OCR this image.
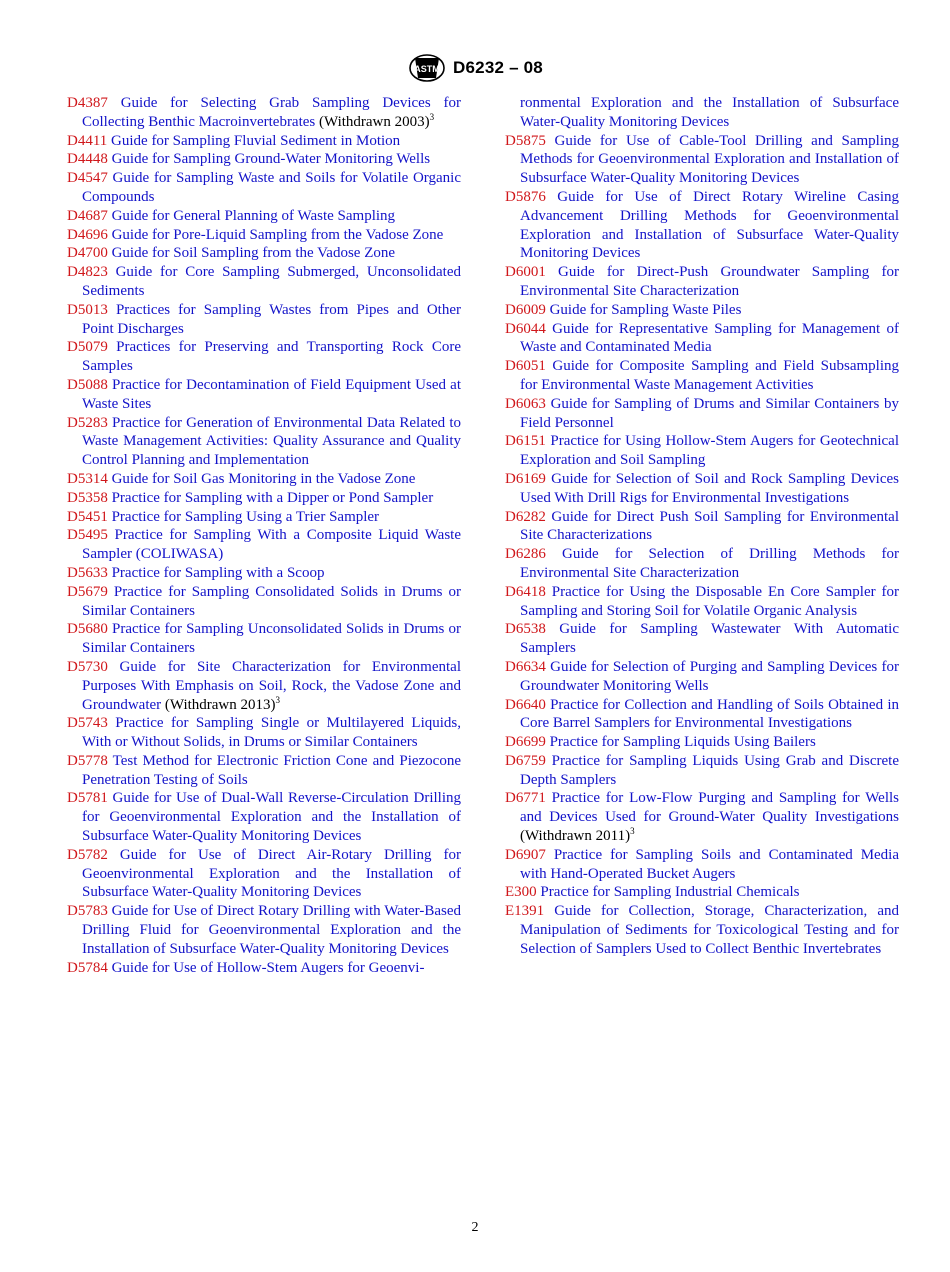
ASTM D6232 – 08
D4387 Guide for Selecting Grab Sampling Devices for Collecting Benthic Macroinvertebrates (Withdrawn 2003)$^3$
D4411 Guide for Sampling Fluvial Sediment in Motion
D4448 Guide for Sampling Ground-Water Monitoring Wells
D4547 Guide for Sampling Waste and Soils for Volatile Organic Compounds
D4687 Guide for General Planning of Waste Sampling
D4696 Guide for Pore-Liquid Sampling from the Vadose Zone
D4700 Guide for Soil Sampling from the Vadose Zone
D4823 Guide for Core Sampling Submerged, Unconsolidated Sediments
D5013 Practices for Sampling Wastes from Pipes and Other Point Discharges
D5079 Practices for Preserving and Transporting Rock Core Samples
D5088 Practice for Decontamination of Field Equipment Used at Waste Sites
D5283 Practice for Generation of Environmental Data Related to Waste Management Activities: Quality Assurance and Quality Control Planning and Implementation
D5314 Guide for Soil Gas Monitoring in the Vadose Zone
D5358 Practice for Sampling with a Dipper or Pond Sampler
D5451 Practice for Sampling Using a Trier Sampler
D5495 Practice for Sampling With a Composite Liquid Waste Sampler (COLIWASA)
D5633 Practice for Sampling with a Scoop
D5679 Practice for Sampling Consolidated Solids in Drums or Similar Containers
D5680 Practice for Sampling Unconsolidated Solids in Drums or Similar Containers
D5730 Guide for Site Characterization for Environmental Purposes With Emphasis on Soil, Rock, the Vadose Zone and Groundwater (Withdrawn 2013)$^3$
D5743 Practice for Sampling Single or Multilayered Liquids, With or Without Solids, in Drums or Similar Containers
D5778 Test Method for Electronic Friction Cone and Piezocone Penetration Testing of Soils
D5781 Guide for Use of Dual-Wall Reverse-Circulation Drilling for Geoenvironmental Exploration and the Installation of Subsurface Water-Quality Monitoring Devices
D5782 Guide for Use of Direct Air-Rotary Drilling for Geoenvironmental Exploration and the Installation of Subsurface Water-Quality Monitoring Devices
D5783 Guide for Use of Direct Rotary Drilling with Water-Based Drilling Fluid for Geoenvironmental Exploration and the Installation of Subsurface Water-Quality Monitoring Devices
D5784 Guide for Use of Hollow-Stem Augers for Geoenvi-
ronmental Exploration and the Installation of Subsurface Water-Quality Monitoring Devices
D5875 Guide for Use of Cable-Tool Drilling and Sampling Methods for Geoenvironmental Exploration and Installation of Subsurface Water-Quality Monitoring Devices
D5876 Guide for Use of Direct Rotary Wireline Casing Advancement Drilling Methods for Geoenvironmental Exploration and Installation of Subsurface Water-Quality Monitoring Devices
D6001 Guide for Direct-Push Groundwater Sampling for Environmental Site Characterization
D6009 Guide for Sampling Waste Piles
D6044 Guide for Representative Sampling for Management of Waste and Contaminated Media
D6051 Guide for Composite Sampling and Field Subsampling for Environmental Waste Management Activities
D6063 Guide for Sampling of Drums and Similar Containers by Field Personnel
D6151 Practice for Using Hollow-Stem Augers for Geotechnical Exploration and Soil Sampling
D6169 Guide for Selection of Soil and Rock Sampling Devices Used With Drill Rigs for Environmental Investigations
D6282 Guide for Direct Push Soil Sampling for Environmental Site Characterizations
D6286 Guide for Selection of Drilling Methods for Environmental Site Characterization
D6418 Practice for Using the Disposable En Core Sampler for Sampling and Storing Soil for Volatile Organic Analysis
D6538 Guide for Sampling Wastewater With Automatic Samplers
D6634 Guide for Selection of Purging and Sampling Devices for Groundwater Monitoring Wells
D6640 Practice for Collection and Handling of Soils Obtained in Core Barrel Samplers for Environmental Investigations
D6699 Practice for Sampling Liquids Using Bailers
D6759 Practice for Sampling Liquids Using Grab and Discrete Depth Samplers
D6771 Practice for Low-Flow Purging and Sampling for Wells and Devices Used for Ground-Water Quality Investigations (Withdrawn 2011)$^3$
D6907 Practice for Sampling Soils and Contaminated Media with Hand-Operated Bucket Augers
E300 Practice for Sampling Industrial Chemicals
E1391 Guide for Collection, Storage, Characterization, and Manipulation of Sediments for Toxicological Testing and for Selection of Samplers Used to Collect Benthic Invertebrates
2
